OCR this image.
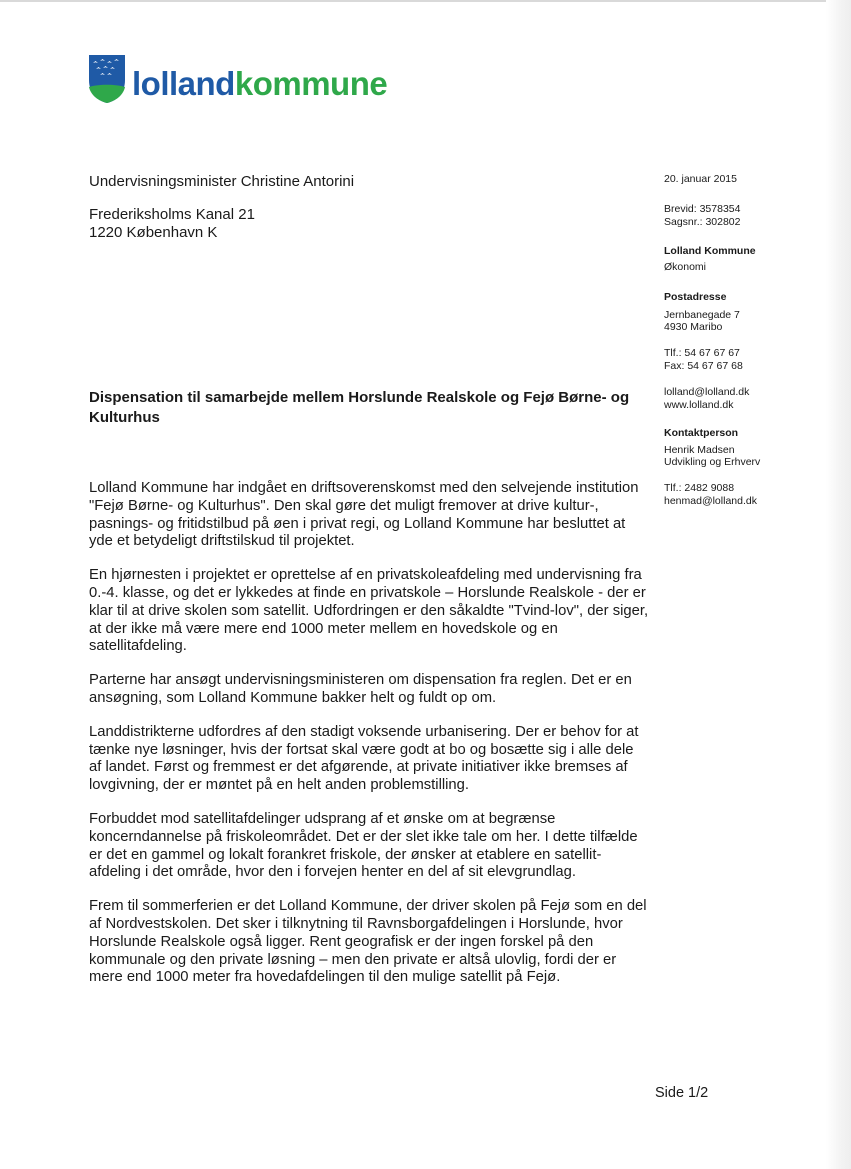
lollandkommune
Undervisningsminister Christine Antorini
Frederiksholms Kanal 21
1220 København K
20. januar 2015
Brevid: 3578354
Sagsnr.: 302802
Lolland Kommune
Økonomi
Postadresse
Jernbanegade 7
4930 Maribo
Tlf.: 54 67 67 67
Fax: 54 67 67 68
lolland@lolland.dk
www.lolland.dk
Kontaktperson
Henrik Madsen
Udvikling og Erhverv
Tlf.: 2482 9088
henmad@lolland.dk
Dispensation til samarbejde mellem Horslunde Realskole og Fejø Børne- og Kulturhus

Lolland Kommune har indgået en driftsoverenskomst med den selvejende institution "Fejø Børne- og Kulturhus". Den skal gøre det muligt fremover at drive kultur-, pasnings- og fritidstilbud på øen i privat regi, og Lolland Kommune har besluttet at yde et betydeligt driftstilskud til projektet.

En hjørnesten i projektet er oprettelse af en privatskoleafdeling med undervisning fra 0.-4. klasse, og det er lykkedes at finde en privatskole – Horslunde Realskole - der er klar til at drive skolen som satellit. Udfordringen er den såkaldte "Tvind-lov", der siger, at der ikke må være mere end 1000 meter mellem en hovedskole og en satellitafdeling.

Parterne har ansøgt undervisningsministeren om dispensation fra reglen. Det er en ansøgning, som Lolland Kommune bakker helt og fuldt op om.

Landdistrikterne udfordres af den stadigt voksende urbanisering. Der er behov for at tænke nye løsninger, hvis der fortsat skal være godt at bo og bosætte sig i alle dele af landet. Først og fremmest er det afgørende, at private initiativer ikke bremses af lovgivning, der er møntet på en helt anden problemstilling.

Forbuddet mod satellitafdelinger udsprang af et ønske om at begrænse koncerndannelse på friskoleområdet. Det er der slet ikke tale om her. I dette tilfælde er det en gammel og lokalt forankret friskole, der ønsker at etablere en satellit-afdeling i det område, hvor den i forvejen henter en del af sit elevgrundlag.

Frem til sommerferien er det Lolland Kommune, der driver skolen på Fejø som en del af Nordvestskolen. Det sker i tilknytning til Ravnsborgafdelingen i Horslunde, hvor Horslunde Realskole også ligger. Rent geografisk er der ingen forskel på den kommunale og den private løsning – men den private er altså ulovlig, fordi der er mere end 1000 meter fra hovedafdelingen til den mulige satellit på Fejø.

Side 1/2
